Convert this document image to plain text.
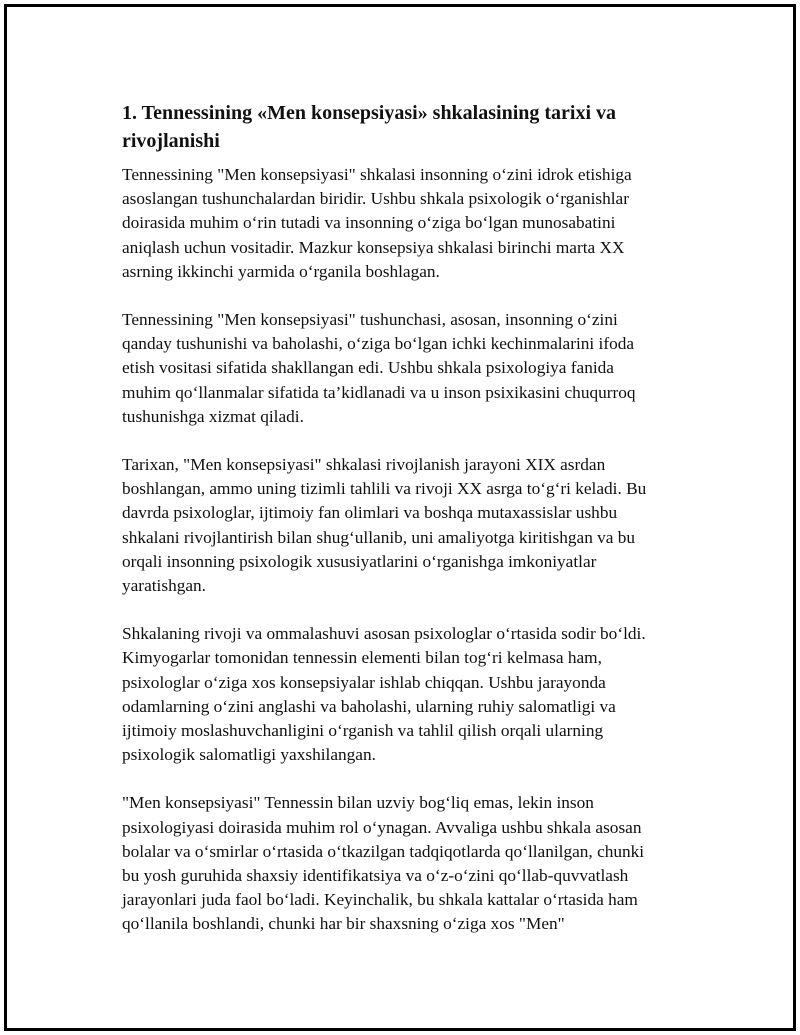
1. Tennessining «Men konsepsiyasi» shkalasining tarixi va
rivojlanishi

Tennessining "Men konsepsiyasi" shkalasi insonning o‘zini idrok etishiga
asoslangan tushunchalardan biridir. Ushbu shkala psixologik o‘rganishlar
doirasida muhim o‘rin tutadi va insonning o‘ziga bo‘lgan munosabatini
aniqlash uchun vositadir. Mazkur konsepsiya shkalasi birinchi marta XX
asrning ikkinchi yarmida o‘rganila boshlagan.

Tennessining "Men konsepsiyasi" tushunchasi, asosan, insonning o‘zini
qanday tushunishi va baholashi, o‘ziga bo‘lgan ichki kechinmalarini ifoda
etish vositasi sifatida shakllangan edi. Ushbu shkala psixologiya fanida
muhim qo‘llanmalar sifatida ta’kidlanadi va u inson psixikasini chuqurroq
tushunishga xizmat qiladi.

Tarixan, "Men konsepsiyasi" shkalasi rivojlanish jarayoni XIX asrdan
boshlangan, ammo uning tizimli tahlili va rivoji XX asrga to‘g‘ri keladi. Bu
davrda psixologlar, ijtimoiy fan olimlari va boshqa mutaxassislar ushbu
shkalani rivojlantirish bilan shug‘ullanib, uni amaliyotga kiritishgan va bu
orqali insonning psixologik xususiyatlarini o‘rganishga imkoniyatlar
yaratishgan.

Shkalaning rivoji va ommalashuvi asosan psixologlar o‘rtasida sodir bo‘ldi.
Kimyogarlar tomonidan tennessin elementi bilan tog‘ri kelmasa ham,
psixologlar o‘ziga xos konsepsiyalar ishlab chiqqan. Ushbu jarayonda
odamlarning o‘zini anglashi va baholashi, ularning ruhiy salomatligi va
ijtimoiy moslashuvchanligini o‘rganish va tahlil qilish orqali ularning
psixologik salomatligi yaxshilangan.

"Men konsepsiyasi" Tennessin bilan uzviy bog‘liq emas, lekin inson
psixologiyasi doirasida muhim rol o‘ynagan. Avvaliga ushbu shkala asosan
bolalar va o‘smirlar o‘rtasida o‘tkazilgan tadqiqotlarda qo‘llanilgan, chunki
bu yosh guruhida shaxsiy identifikatsiya va o‘z-o‘zini qo‘llab-quvvatlash
jarayonlari juda faol bo‘ladi. Keyinchalik, bu shkala kattalar o‘rtasida ham
qo‘llanila boshlandi, chunki har bir shaxsning o‘ziga xos "Men"
